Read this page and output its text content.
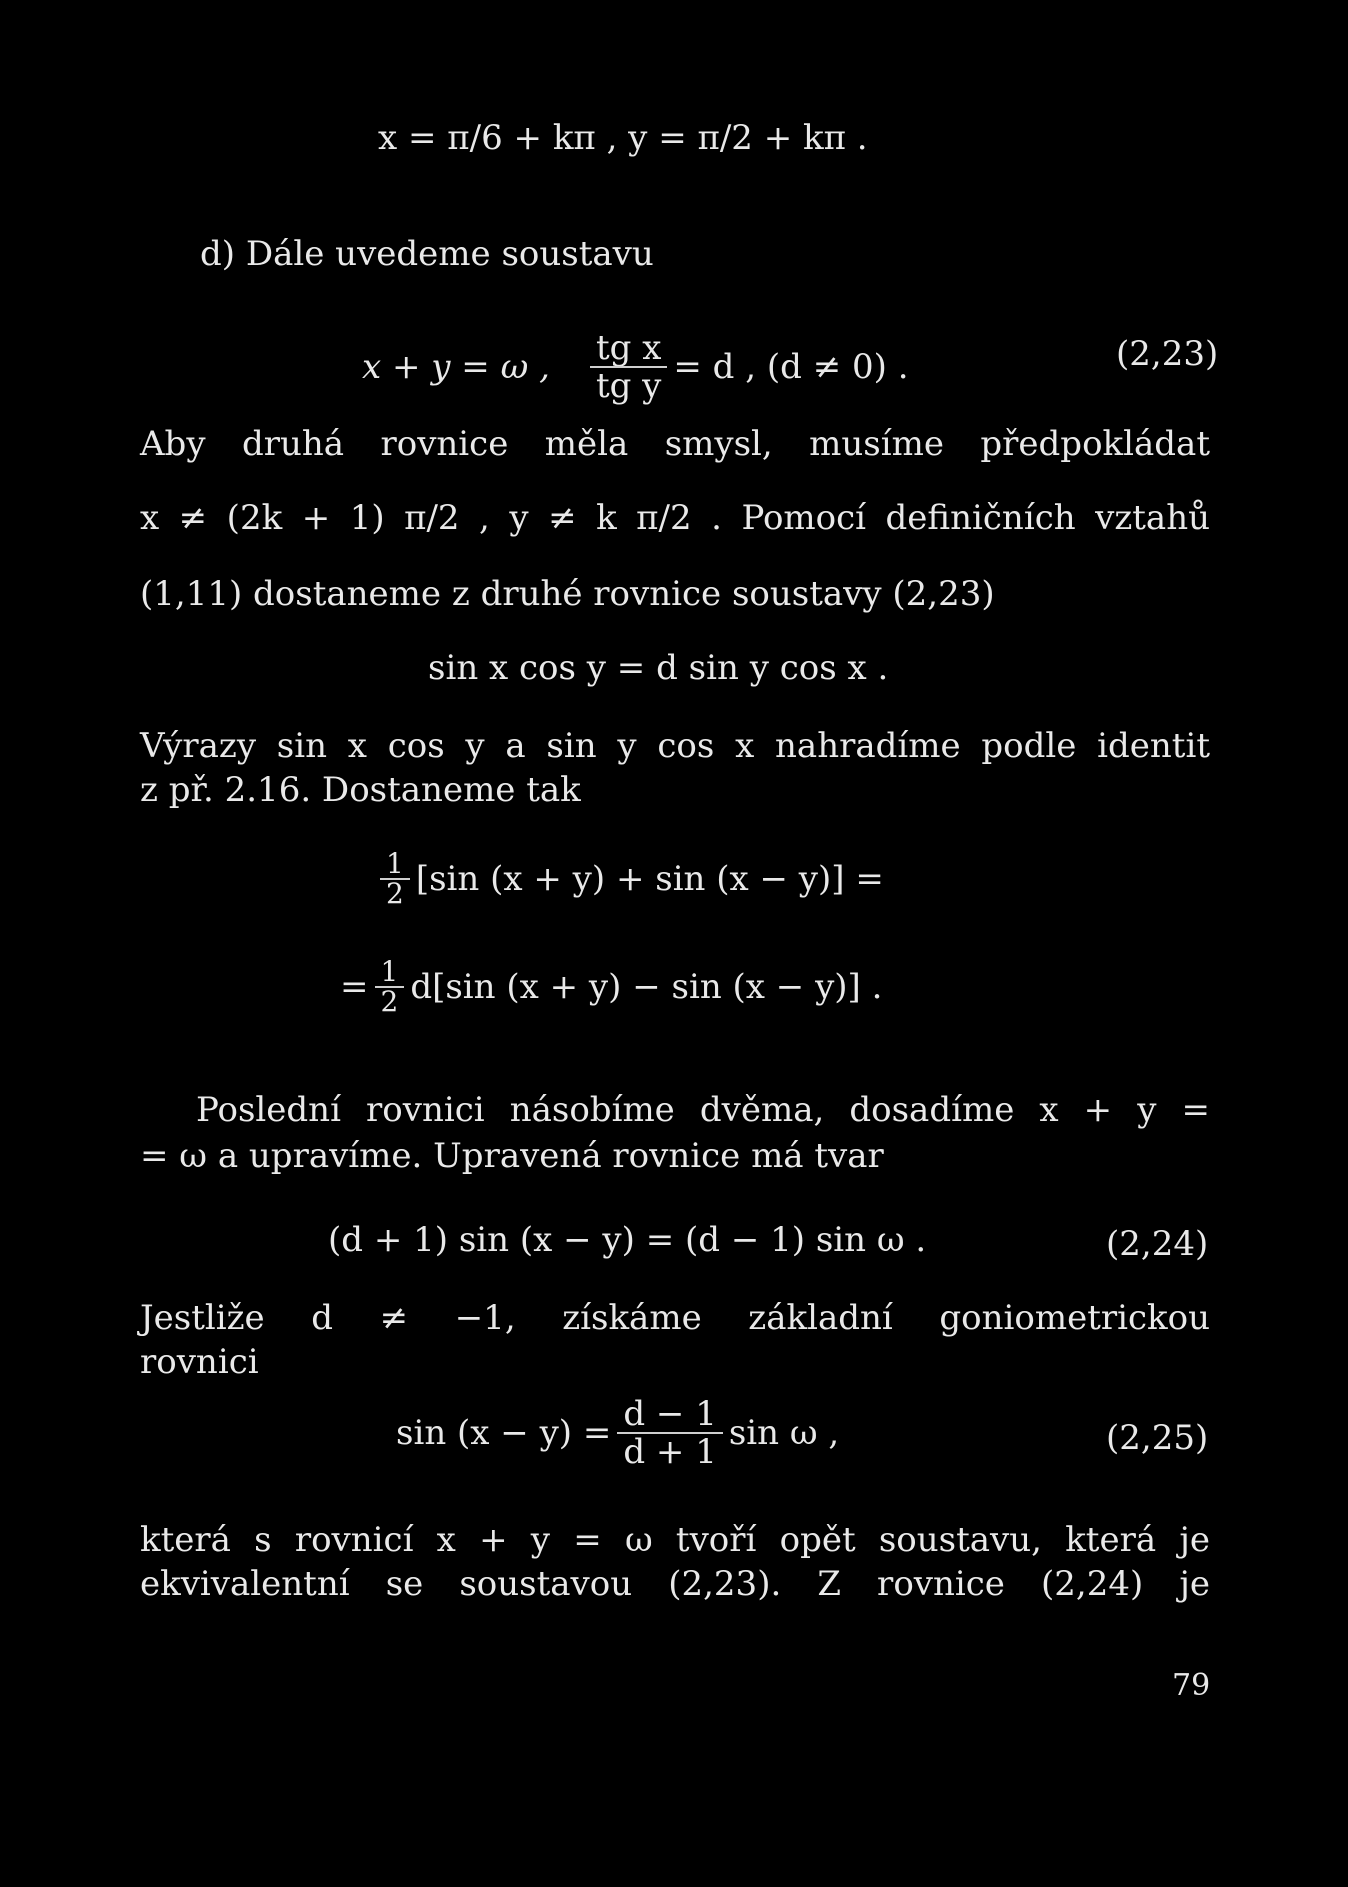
x = π/6 + kπ , y = π/2 + kπ .
d) Dále uvedeme soustavu
x + y = ω , $\frac{\text{tg x}}{\text{tg y}} = d$ , (d ≠ 0) .	(2,23)
Aby druhá rovnice měla smysl, musíme předpokládat
x ≠ (2k + 1) π/2 , y ≠ k π/2 . Pomocí definičních vztahů
(1,11) dostaneme z druhé rovnice soustavy (2,23)
sin x cos y = d sin y cos x .
Výrazy sin x cos y a sin y cos x nahradíme podle identit
z př. 2.16. Dostaneme tak
$\frac{1}{2} [\sin$ (x + y) + sin (x − y)] =
= $\frac{1}{2} d[\sin$ (x + y) − sin (x − y)] .
Poslední rovnici násobíme dvěma, dosadíme x + y =
= ω a upravíme. Upravená rovnice má tvar
(d + 1) sin (x − y) = (d − 1) sin ω .	(2,24)
Jestliže d ≠ −1, získáme základní goniometrickou
rovnici
$\sin (x - y) = \frac{d - 1}{d + 1}$ sin ω ,	(2,25)
která s rovnicí x + y = ω tvoří opět soustavu, která je
ekvivalentní se soustavou (2,23). Z rovnice (2,24) je
79
